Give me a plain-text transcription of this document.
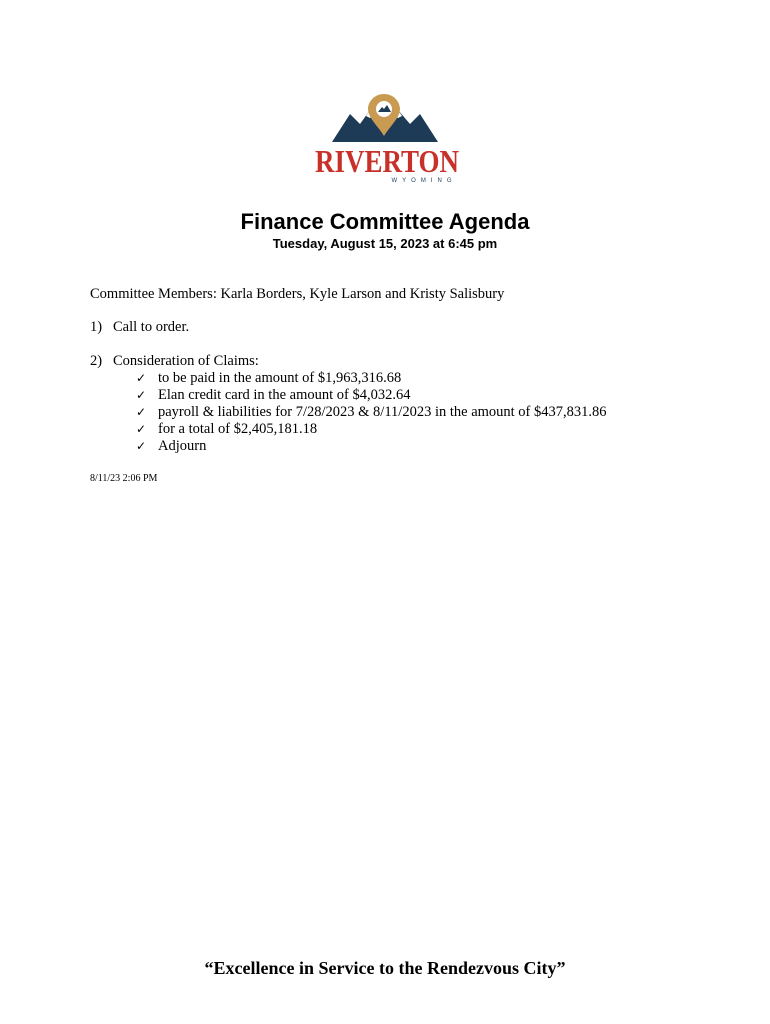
RIVERTON
WYOMING
Finance Committee Agenda
Tuesday, August 15, 2023 at 6:45 pm
Committee Members: Karla Borders, Kyle Larson and Kristy Salisbury
1) Call to order.
2) Consideration of Claims:
✓ to be paid in the amount of $1,963,316.68
✓ Elan credit card in the amount of $4,032.64
✓ payroll & liabilities for 7/28/2023 & 8/11/2023 in the amount of $437,831.86
✓ for a total of $2,405,181.18
✓ Adjourn
8/11/23 2:06 PM
“Excellence in Service to the Rendezvous City”
